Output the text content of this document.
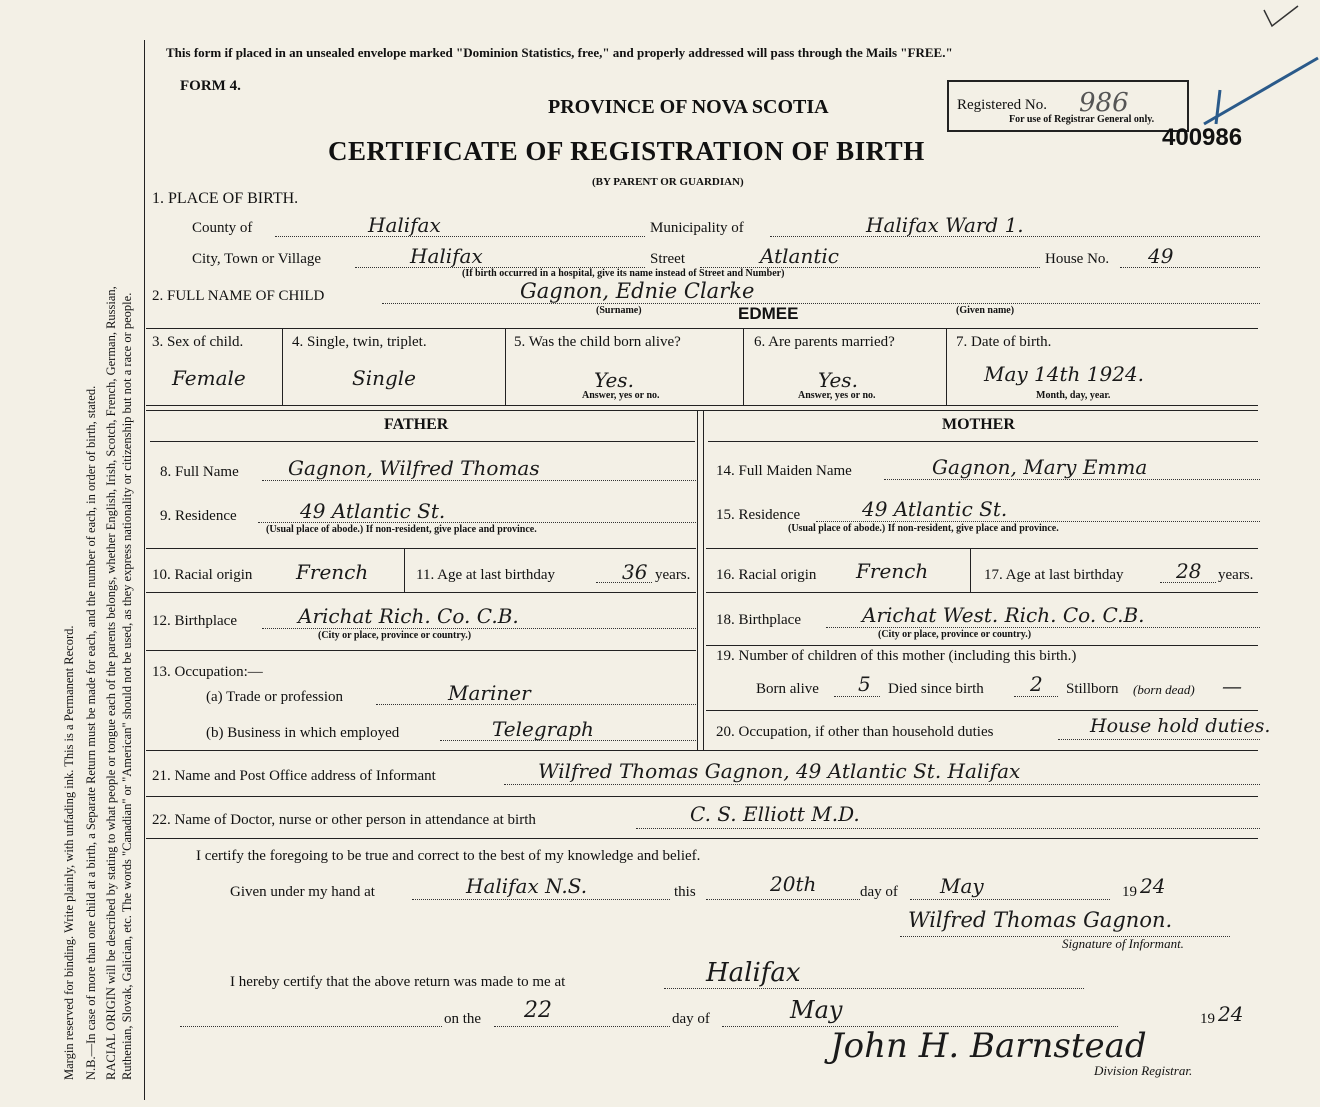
Margin reserved for binding. Write plainly, with unfading ink. This is a Permanent Record. N.B.—In case of more than one child at a birth, a Separate Return must be made for each, and the number of each, in order of birth, stated. RACIAL ORIGIN will be described by stating to what people or tongue each of the parents belongs, whether English, Irish, Scotch, French, German, Russian, Ruthenian, Slovak, Galician, etc. The words "Canadian" or "American" should not be used, as they express nationality or citizenship but not a race or people.
This form if placed in an unsealed envelope marked "Dominion Statistics, free," and properly addressed will pass through the Mails "FREE."
FORM 4.
PROVINCE OF NOVA SCOTIA
CERTIFICATE OF REGISTRATION OF BIRTH
(BY PARENT OR GUARDIAN)
Registered No. 986
For use of Registrar General only.
400986
1. PLACE OF BIRTH.
County of	Halifax	Municipality of	Halifax Ward 1.
City, Town or Village	Halifax	Street	Atlantic	House No. 49
(If birth occurred in a hospital, give its name instead of Street and Number)
2. FULL NAME OF CHILD	Gagnon, Ednie Clarke
(Surname)	(Given name)
EDMEE
3. Sex of child.
Female
4. Single, twin, triplet.
Single
5. Was the child born alive?
Yes.
Answer, yes or no.
6. Are parents married?
Yes.
Answer, yes or no.
7. Date of birth.
May 14th 1924.
Month, day, year.
FATHER	MOTHER
8. Full Name Gagnon, Wilfred Thomas
9. Residence	49 Atlantic St.
(Usual place of abode.) If non-resident, give place and province.
10. Racial origin French	11. Age at last birthday	36 years.
12. Birthplace	Arichat Rich. Co. C.B.
(City or place, province or country.)
13. Occupation:—
(a) Trade or profession	Mariner
(b) Business in which employed	Telegraph
14. Full Maiden Name	Gagnon, Mary Emma
15. Residence	49 Atlantic St.
(Usual place of abode.) If non-resident, give place and province.
16. Racial origin French	17. Age at last birthday	28 years.
18. Birthplace	Arichat West. Rich. Co. C.B.
(City or place, province or country.)
19. Number of children of this mother (including this birth.)
Born alive 5 Died since birth 2 Stillborn (born dead) —
20. Occupation, if other than household duties	House hold duties.
21. Name and Post Office address of Informant	Wilfred Thomas Gagnon, 49 Atlantic St. Halifax
22. Name of Doctor, nurse or other person in attendance at birth	C. S. Elliott M.D.
I certify the foregoing to be true and correct to the best of my knowledge and belief.
Given under my hand at	Halifax N.S.	this	20th	day of May	19 24
Wilfred Thomas Gagnon.
Signature of Informant.
I hereby certify that the above return was made to me at	Halifax
on the 22	day of	May	19 24
John H. Barnstead
Division Registrar.
